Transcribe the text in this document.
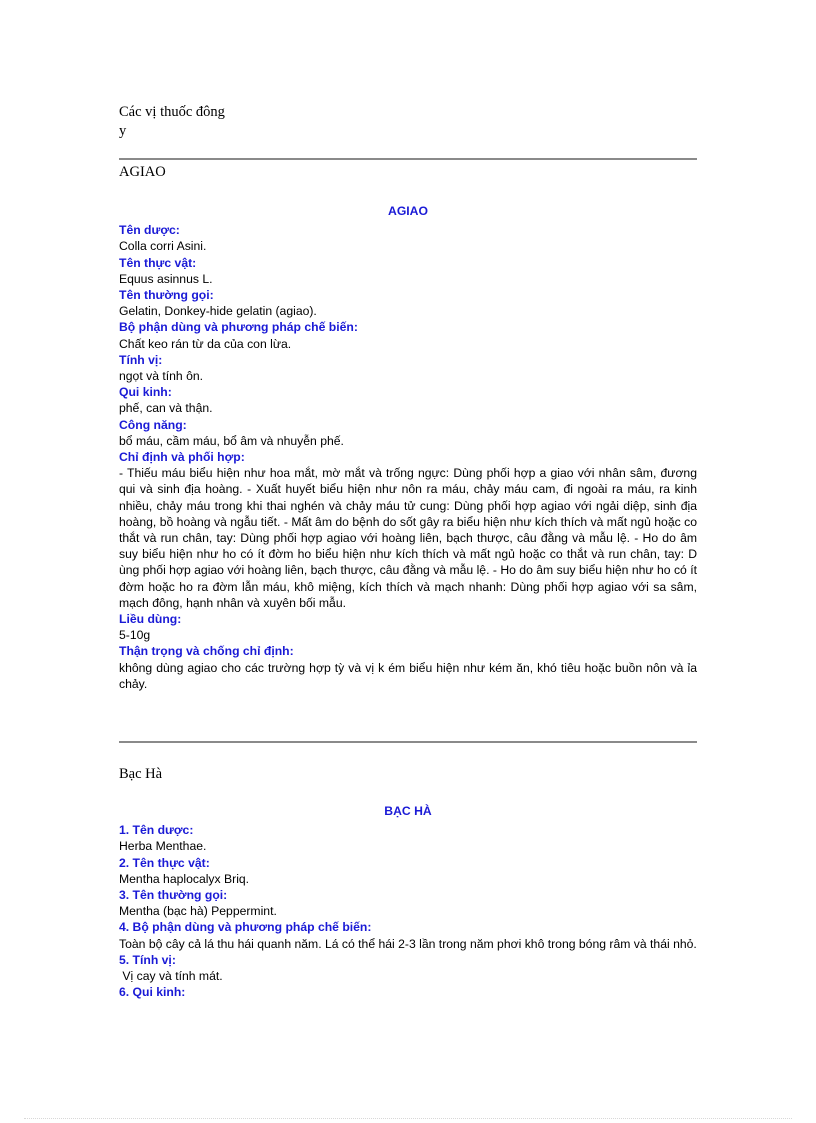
Các vị thuốc đông
y
AGIAO
AGIAO
Tên dược:
Colla corri Asini.
Tên thực vật:
Equus asinnus L.
Tên thường gọi:
Gelatin, Donkey-hide gelatin (agiao).
Bộ phận dùng và phương pháp chế biến:
Chất keo rán từ da của con lừa.
Tính vị:
ngọt và tính ôn.
Qui kinh:
phế, can và thận.
Công năng:
bổ máu, cầm máu, bổ âm và nhuyễn phế.
Chỉ định và phối hợp:
- Thiếu máu biểu hiện như hoa mắt, mờ mắt và trống ngực: Dùng phối hợp a giao với nhân sâm, đương qui và sinh địa hoàng. - Xuất huyết biểu hiện như nôn ra máu, chảy máu cam, đi ngoài ra máu, ra kinh nhiều, chảy máu trong khi thai nghén và chảy máu tử cung: Dùng phối hợp agiao với ngải diệp, sinh địa hoàng, bồ hoàng và ngẫu tiết. - Mất âm do bệnh do sốt gây ra biểu hiện như kích thích và mất ngủ hoặc co thắt và run chân, tay: Dùng phối hợp agiao với hoàng liên, bạch thược, câu đằng và mẫu lệ. - Ho do âm suy biểu hiện như ho có ít đờm ho biểu hiện như kích thích và mất ngủ hoặc co thắt và run chân, tay: D ùng phối hợp agiao với hoàng liên, bạch thược, câu đằng và mẫu lệ. - Ho do âm suy biểu hiện như ho có ít đờm hoặc ho ra đờm lẫn máu, khô miệng, kích thích và mạch nhanh: Dùng phối hợp agiao với sa sâm, mạch đông, hạnh nhân và xuyên bối mẫu.
Liều dùng:
5-10g
Thận trọng và chống chỉ định:
không dùng agiao cho các trường hợp tỳ và vị k ém biểu hiện như kém ăn, khó tiêu hoặc buồn nôn và ỉa chảy.
Bạc Hà
BẠC HÀ
1. Tên dược:
Herba Menthae.
2. Tên thực vật:
Mentha haplocalyx Briq.
3. Tên thường gọi:
Mentha (bạc hà) Peppermint.
4. Bộ phận dùng và phương pháp chế biến:
Toàn bộ cây cả lá thu hái quanh năm. Lá có thể hái 2-3 lần trong năm phơi khô trong bóng râm và thái nhỏ.
5. Tính vị:
Vị cay và tính mát.
6. Qui kinh:
